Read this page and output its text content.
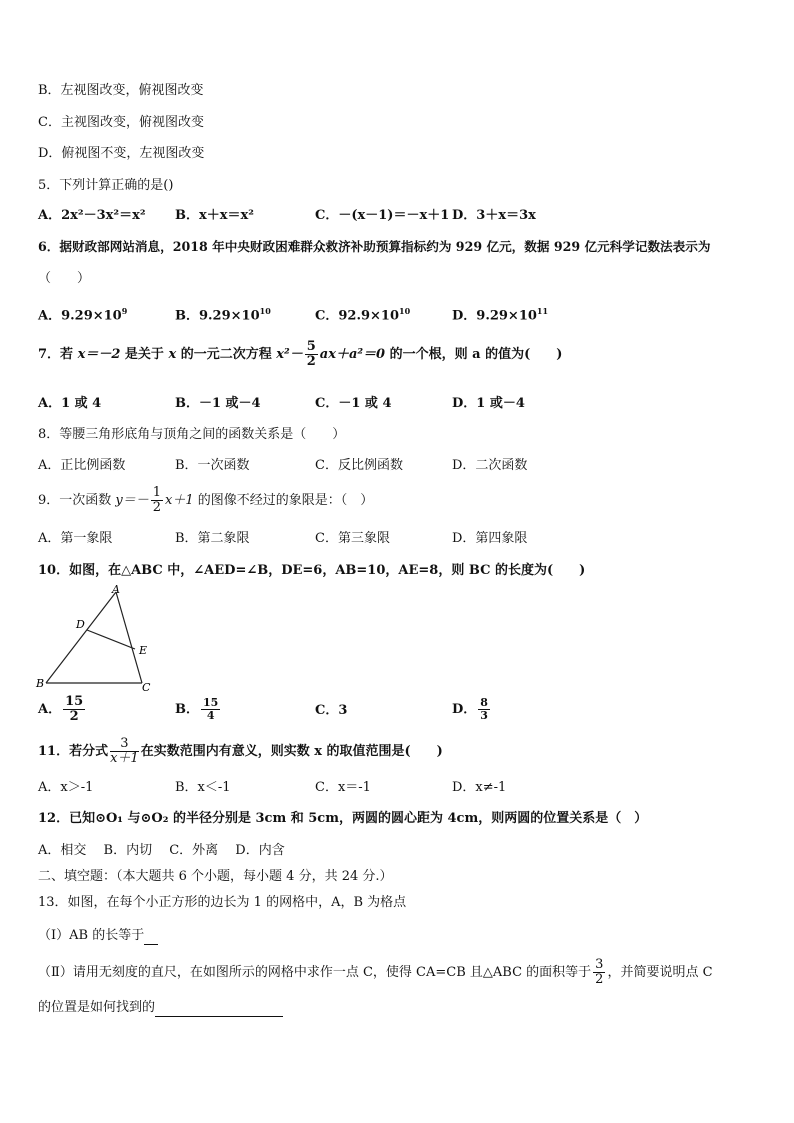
B．左视图改变，俯视图改变
C．主视图改变，俯视图改变
D．俯视图不变，左视图改变
5．下列计算正确的是()
A．2x²－3x²＝x² B．x＋x＝x²	C．－(x－1)＝－x＋1 D．3＋x＝3x
6．据财政部网站消息，2018 年中央财政困难群众救济补助预算指标约为 929 亿元，数据 929 亿元科学记数法表示为
（　　）
A．$9.29\times 10^9$	B．$9.29\times 10^{10}$	C．$92.9\times 10^{10}$	D．$9.29\times 10^{11}$
7．若 x＝－2 是关于 x 的一元二次方程 $x^2- \frac{5}{2} ax+a^2=0$ 的一个根，则 a 的值为(　　)
A．1 或 4	B．－1 或－4	C．－1 或 4	D．1 或－4
8．等腰三角形底角与顶角之间的函数关系是（　　）
A．正比例函数	B．一次函数	C．反比例函数	D．二次函数
9．一次函数 $y=- \frac{1}{2} x+1$ 的图像不经过的象限是：（　）
A．第一象限	B．第二象限	C．第三象限	D．第四象限
10．如图，在△ABC 中，∠AED=∠B，DE=6，AB=10，AE=8，则 BC 的长度为(　　)
A
D
E
B	C
A． $\frac{15}{2}$	B． $\frac{15}{4}$	C．3	D． $\frac{8}{3}$
11．若分式 $\frac{3}{x+1}$ 在实数范围内有意义，则实数 x 的取值范围是(　　)
A．x＞-1	B．x＜-1	C．x＝-1	D．x≠-1
12．已知⊙O₁ 与⊙O₂ 的半径分别是 3cm 和 5cm，两圆的圆心距为 4cm，则两圆的位置关系是（　）
A．相交　 B．内切　 C．外离　 D．内含
二、填空题：（本大题共 6 个小题，每小题 4 分，共 24 分.）
13．如图，在每个小正方形的边长为 1 的网格中，A，B 为格点
（Ⅰ）AB 的长等于
（Ⅱ）请用无刻度的直尺，在如图所示的网格中求作一点 C，使得 CA=CB 且△ABC 的面积等于 $\frac{3}{2}$ ，并简要说明点 C
的位置是如何找到的
